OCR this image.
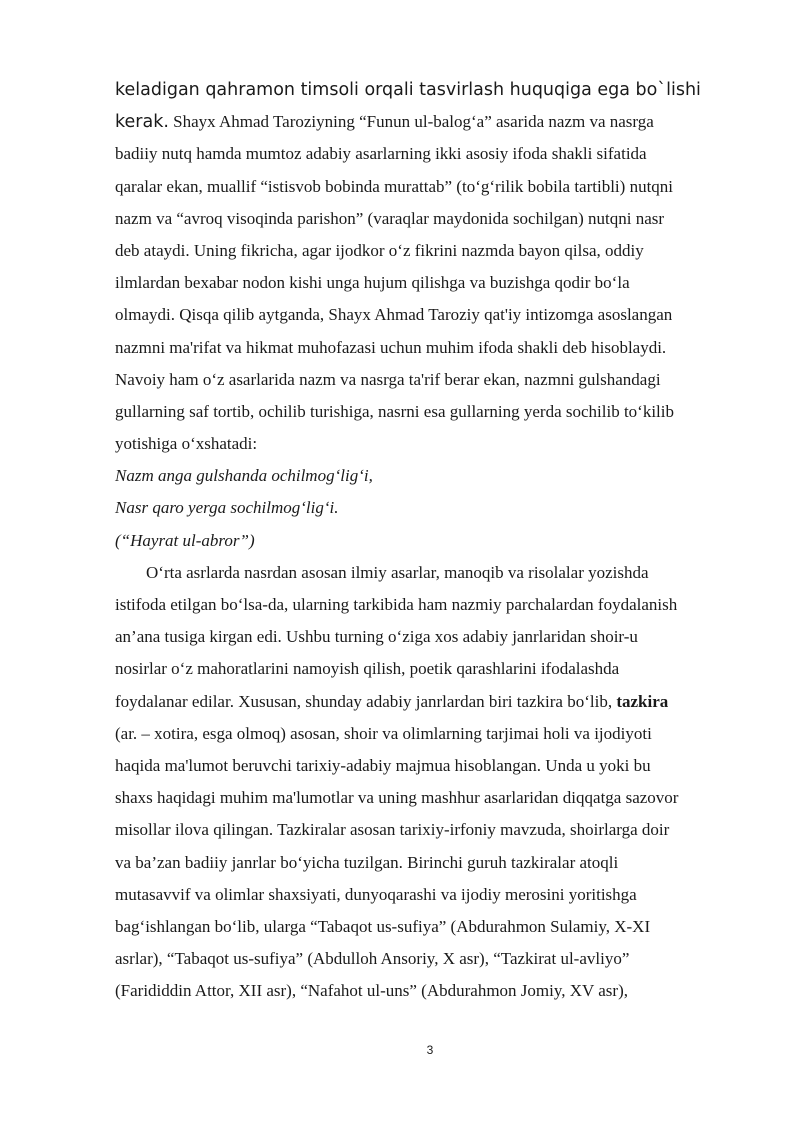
keladigan qahramon timsoli orqali tasvirlash huquqiga ega bo`lishi
kerak. Shayx Ahmad Taroziyning “Funun ul-balog‘a” asarida nazm va nasrga
badiiy nutq hamda mumtoz adabiy asarlarning ikki asosiy ifoda shakli sifatida
qaralar ekan, muallif “istisvob bobinda murattab” (to‘g‘rilik bobila tartibli) nutqni
nazm va “avroq visoqinda parishon” (varaqlar maydonida sochilgan) nutqni nasr
deb ataydi. Uning fikricha, agar ijodkor o‘z fikrini nazmda bayon qilsa, oddiy
ilmlardan bexabar nodon kishi unga hujum qilishga va buzishga qodir bo‘la
olmaydi. Qisqa qilib aytganda, Shayx Ahmad Taroziy qat'iy intizomga asoslangan
nazmni ma'rifat va hikmat muhofazasi uchun muhim ifoda shakli deb hisoblaydi.
Navoiy ham o‘z asarlarida nazm va nasrga ta'rif berar ekan, nazmni gulshandagi
gullarning saf tortib, ochilib turishiga, nasrni esa gullarning yerda sochilib to‘kilib
yotishiga o‘xshatadi:
Nazm anga gulshanda ochilmog‘lig‘i,
Nasr qaro yerga sochilmog‘lig‘i.
(“Hayrat ul-abror”)
O‘rta asrlarda nasrdan asosan ilmiy asarlar, manoqib va risolalar yozishda
istifoda etilgan bo‘lsa-da, ularning tarkibida ham nazmiy parchalardan foydalanish
an’ana tusiga kirgan edi. Ushbu turning o‘ziga xos adabiy janrlaridan shoir-u
nosirlar o‘z mahoratlarini namoyish qilish, poetik qarashlarini ifodalashda
foydalanar edilar. Xususan, shunday adabiy janrlardan biri tazkira bo‘lib, tazkira
(ar. – xotira, esga olmoq) asosan, shoir va olimlarning tarjimai holi va ijodiyoti
haqida ma'lumot beruvchi tarixiy-adabiy majmua hisoblangan. Unda u yoki bu
shaxs haqidagi muhim ma'lumotlar va uning mashhur asarlaridan diqqatga sazovor
misollar ilova qilingan. Tazkiralar asosan tarixiy-irfoniy mavzuda, shoirlarga doir
va ba’zan badiiy janrlar bo‘yicha tuzilgan. Birinchi guruh tazkiralar atoqli
mutasavvif va olimlar shaxsiyati, dunyoqarashi va ijodiy merosini yoritishga
bag‘ishlangan bo‘lib, ularga “Tabaqot us-sufiya” (Abdurahmon Sulamiy, X-XI
asrlar), “Tabaqot us-sufiya” (Abdulloh Ansoriy, X asr), “Tazkirat ul-avliyo”
(Farididdin Attor, XII asr), “Nafahot ul-uns” (Abdurahmon Jomiy, XV asr),
3
